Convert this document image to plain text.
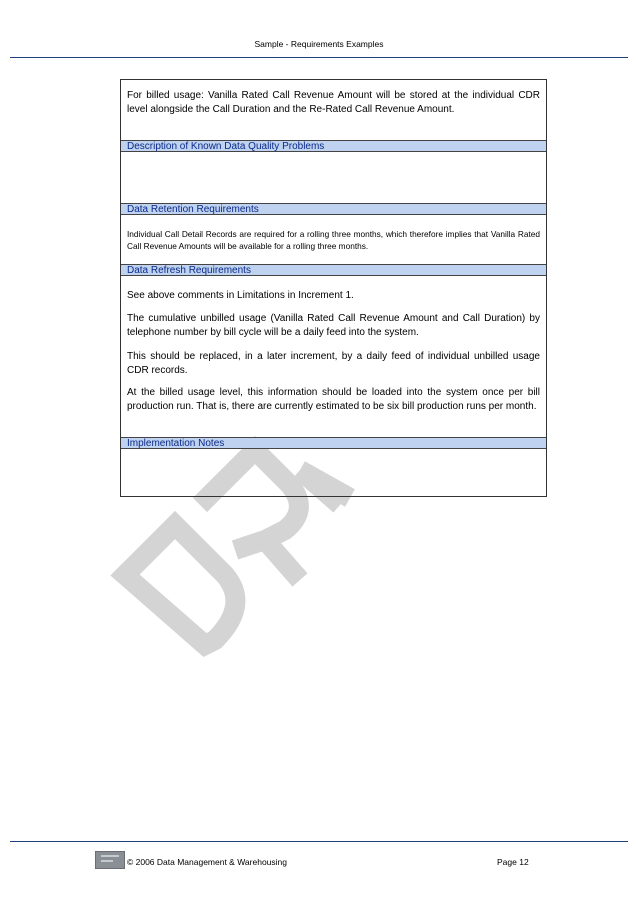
Sample - Requirements Examples
For billed usage: Vanilla Rated Call Revenue Amount will be stored at the individual CDR level alongside the Call Duration and the Re-Rated Call Revenue Amount.
Description of Known Data Quality Problems
Data Retention Requirements
Individual Call Detail Records are required for a rolling three months, which therefore implies that Vanilla Rated Call Revenue Amounts will be available for a rolling three months.
Data Refresh Requirements
See above comments in Limitations in Increment 1.
The cumulative unbilled usage (Vanilla Rated Call Revenue Amount and Call Duration) by telephone number by bill cycle will be a daily feed into the system.
This should be replaced, in a later increment, by a daily feed of individual unbilled usage CDR records.
At the billed usage level, this information should be loaded into the system once per bill production run. That is, there are currently estimated to be six bill production runs per month.
Implementation Notes
© 2006 Data Management & Warehousing	Page 12
